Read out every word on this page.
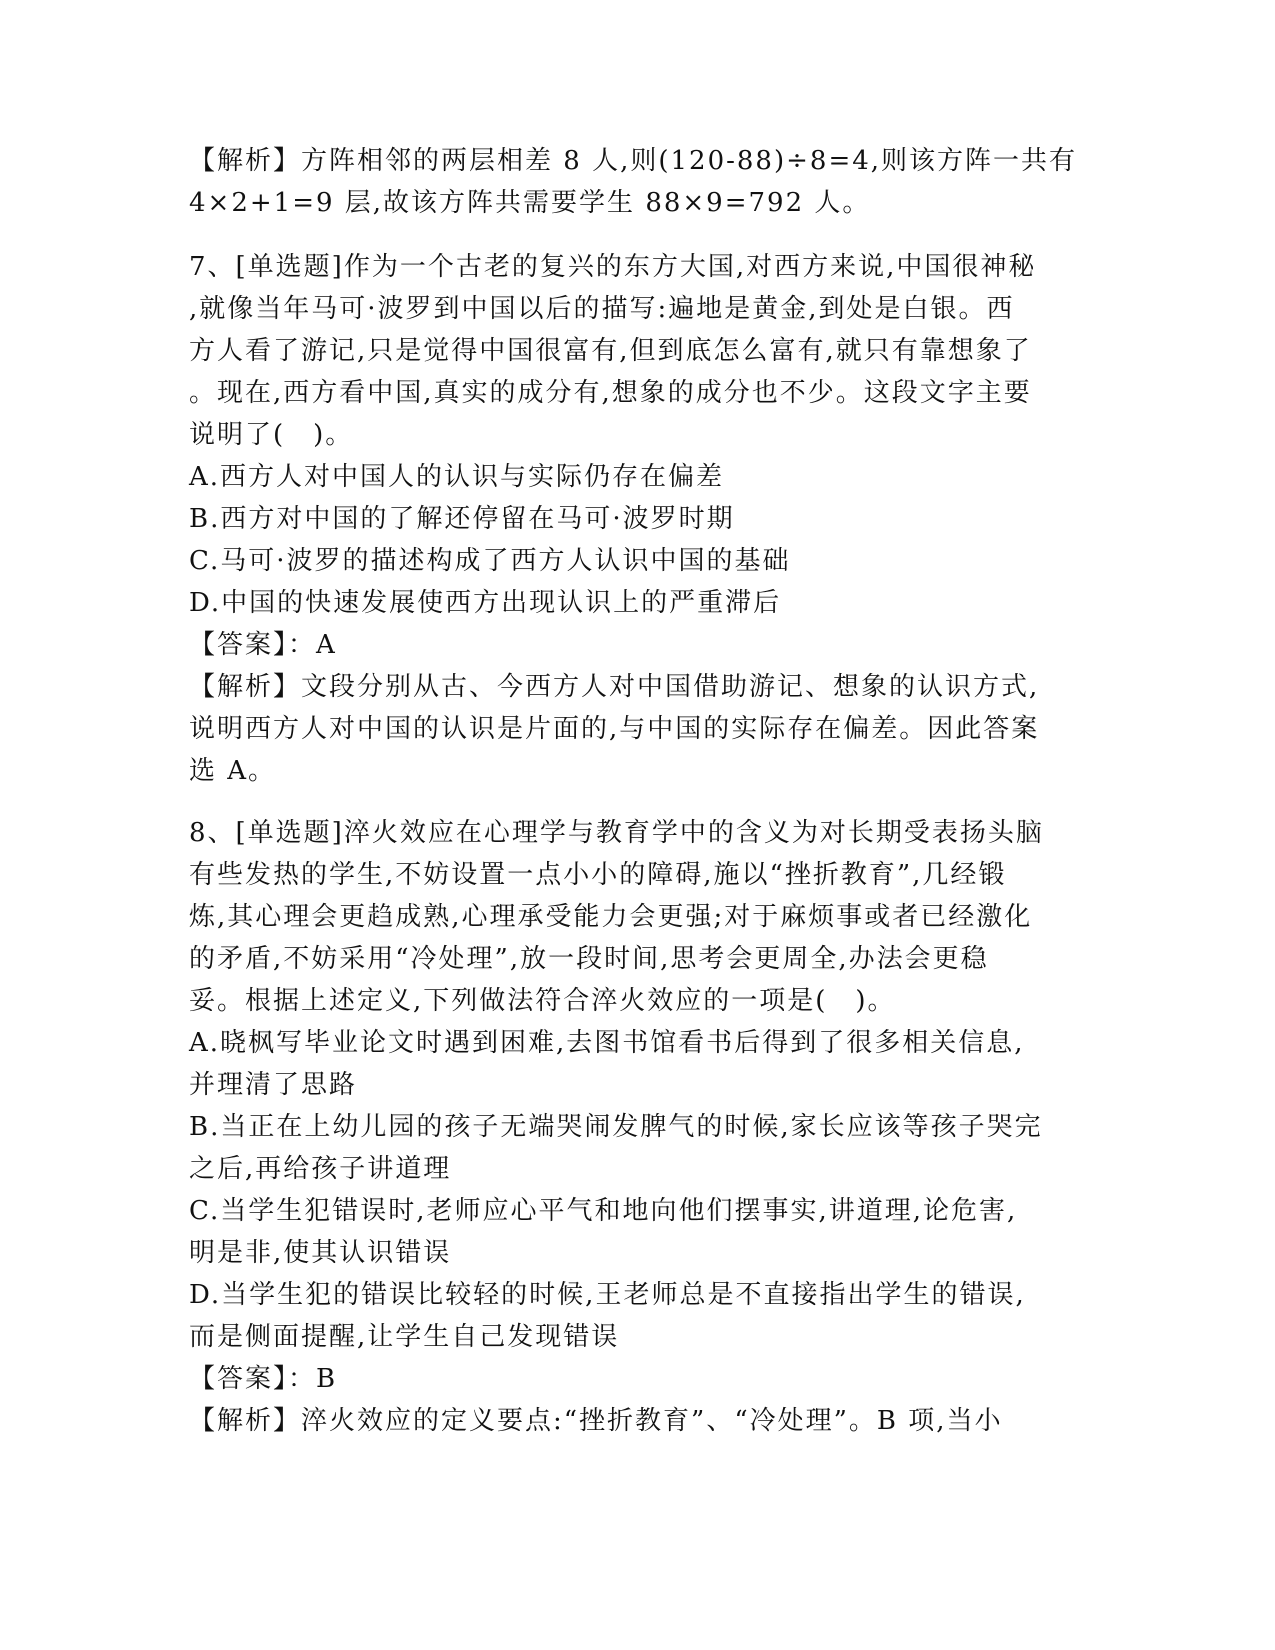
【解析】方阵相邻的两层相差 8 人,则(120-88)÷8=4,则该方阵一共有
4×2+1=9 层,故该方阵共需要学生 88×9=792 人。
7、[单选题]作为一个古老的复兴的东方大国,对西方来说,中国很神秘
,就像当年马可·波罗到中国以后的描写:遍地是黄金,到处是白银。西
方人看了游记,只是觉得中国很富有,但到底怎么富有,就只有靠想象了
。现在,西方看中国,真实的成分有,想象的成分也不少。这段文字主要
说明了(　)。
A.西方人对中国人的认识与实际仍存在偏差
B.西方对中国的了解还停留在马可·波罗时期
C.马可·波罗的描述构成了西方人认识中国的基础
D.中国的快速发展使西方出现认识上的严重滞后
【答案】：A
【解析】文段分别从古、今西方人对中国借助游记、想象的认识方式,
说明西方人对中国的认识是片面的,与中国的实际存在偏差。因此答案
选 A。
8、[单选题]淬火效应在心理学与教育学中的含义为对长期受表扬头脑
有些发热的学生,不妨设置一点小小的障碍,施以“挫折教育”,几经锻
炼,其心理会更趋成熟,心理承受能力会更强;对于麻烦事或者已经激化
的矛盾,不妨采用“冷处理”,放一段时间,思考会更周全,办法会更稳
妥。根据上述定义,下列做法符合淬火效应的一项是(　)。
A.晓枫写毕业论文时遇到困难,去图书馆看书后得到了很多相关信息,
并理清了思路
B.当正在上幼儿园的孩子无端哭闹发脾气的时候,家长应该等孩子哭完
之后,再给孩子讲道理
C.当学生犯错误时,老师应心平气和地向他们摆事实,讲道理,论危害,
明是非,使其认识错误
D.当学生犯的错误比较轻的时候,王老师总是不直接指出学生的错误,
而是侧面提醒,让学生自己发现错误
【答案】：B
【解析】淬火效应的定义要点:“挫折教育”、“冷处理”。B 项,当小
